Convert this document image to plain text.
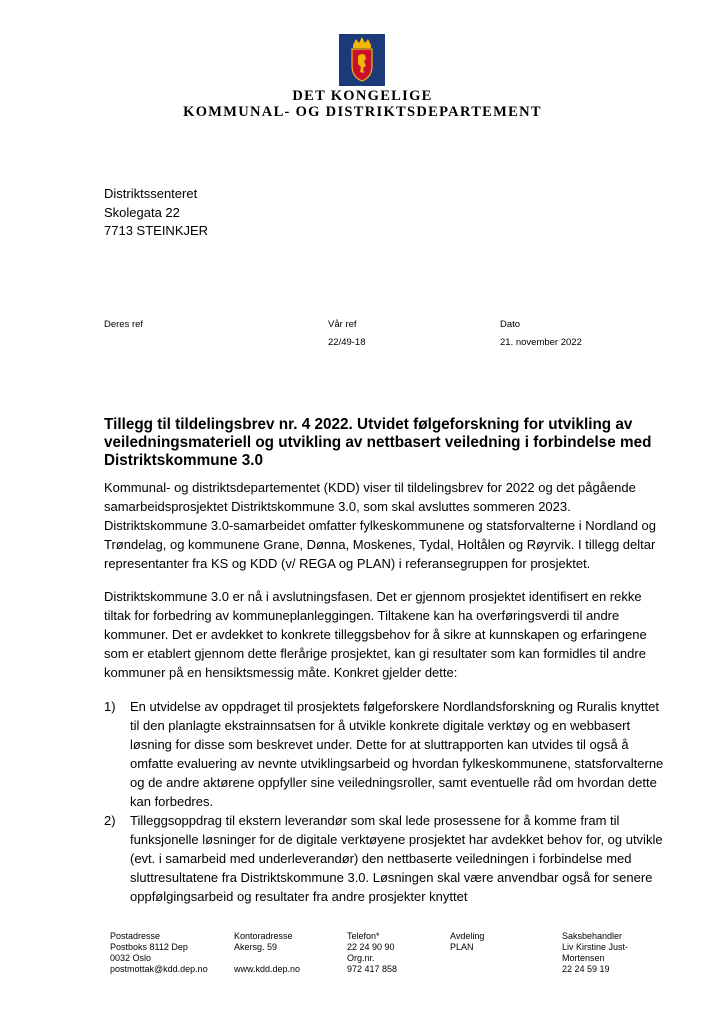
DET KONGELIGE
KOMMUNAL- OG DISTRIKTSDEPARTEMENT
Distriktssenteret
Skolegata 22
7713 STEINKJER
Deres ref	Vår ref
22/49-18
Dato
21. november 2022
Tillegg til tildelingsbrev nr. 4 2022. Utvidet følgeforskning for utvikling av veiledningsmateriell og utvikling av nettbasert veiledning i forbindelse med Distriktskommune 3.0

Kommunal- og distriktsdepartementet (KDD) viser til tildelingsbrev for 2022 og det pågående samarbeidsprosjektet Distriktskommune 3.0, som skal avsluttes sommeren 2023. Distriktskommune 3.0-samarbeidet omfatter fylkeskommunene og statsforvalterne i Nordland og Trøndelag, og kommunene Grane, Dønna, Moskenes, Tydal, Holtålen og Røyrvik. I tillegg deltar representanter fra KS og KDD (v/ REGA og PLAN) i referansegruppen for prosjektet.

Distriktskommune 3.0 er nå i avslutningsfasen. Det er gjennom prosjektet identifisert en rekke tiltak for forbedring av kommuneplanleggingen. Tiltakene kan ha overføringsverdi til andre kommuner. Det er avdekket to konkrete tilleggsbehov for å sikre at kunnskapen og erfaringene som er etablert gjennom dette flerårige prosjektet, kan gi resultater som kan formidles til andre kommuner på en hensiktsmessig måte. Konkret gjelder dette:

1) En utvidelse av oppdraget til prosjektets følgeforskere Nordlandsforskning og Ruralis knyttet til den planlagte ekstrainnsatsen for å utvikle konkrete digitale verktøy og en webbasert løsning for disse som beskrevet under. Dette for at sluttrapporten kan utvides til også å omfatte evaluering av nevnte utviklingsarbeid og hvordan fylkeskommunene, statsforvalterne og de andre aktørene oppfyller sine veiledningsroller, samt eventuelle råd om hvordan dette kan forbedres.
2) Tilleggsoppdrag til ekstern leverandør som skal lede prosessene for å komme fram til funksjonelle løsninger for de digitale verktøyene prosjektet har avdekket behov for, og utvikle (evt. i samarbeid med underleverandør) den nettbaserte veiledningen i forbindelse med sluttresultatene fra Distriktskommune 3.0. Løsningen skal være anvendbar også for senere oppfølgingsarbeid og resultater fra andre prosjekter knyttet
Postadresse
Postboks 8112 Dep
0032 Oslo
postmottak@kdd.dep.no
Kontoradresse
Akersg. 59
www.kdd.dep.no
Telefon*
22 24 90 90
Org.nr.
972 417 858
Avdeling
PLAN
Saksbehandler
Liv Kirstine Just-
Mortensen
22 24 59 19
